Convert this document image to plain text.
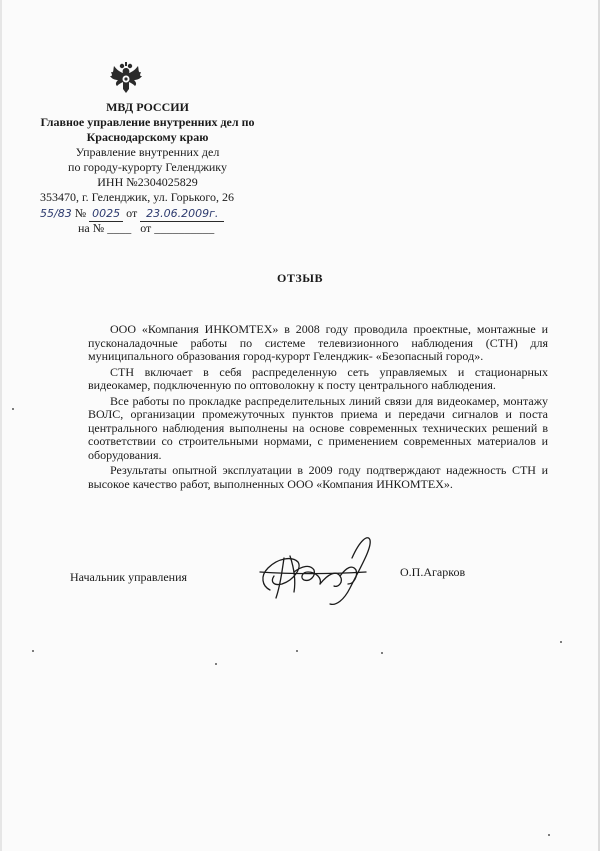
МВД РОССИИ
Главное управление внутренних дел по
Краснодарскому краю
Управление внутренних дел
по городу-курорту Геленджику
ИНН №2304025829
353470, г. Геленджик, ул. Горького, 26
55/83 № 0025 от 23.06.2009г.
на № ____ от __________
ОТЗЫВ

ООО «Компания ИНКОМТЕХ» в 2008 году проводила проектные, монтажные и пусконаладочные работы по системе телевизионного наблюдения (СТН) для муниципального образования город-курорт Геленджик- «Безопасный город».

СТН включает в себя распределенную сеть управляемых и стационарных видеокамер, подключенную по оптоволокну к посту центрального наблюдения.

Все работы по прокладке распределительных линий связи для видеокамер, монтажу ВОЛС, организации промежуточных пунктов приема и передачи сигналов и поста центрального наблюдения выполнены на основе современных технических решений в соответствии со строительными нормами, с применением современных материалов и оборудования.

Результаты опытной эксплуатации в 2009 году подтверждают надежность СТН и высокое качество работ, выполненных ООО «Компания ИНКОМТЕХ».

Начальник управления	О.П.Агарков
